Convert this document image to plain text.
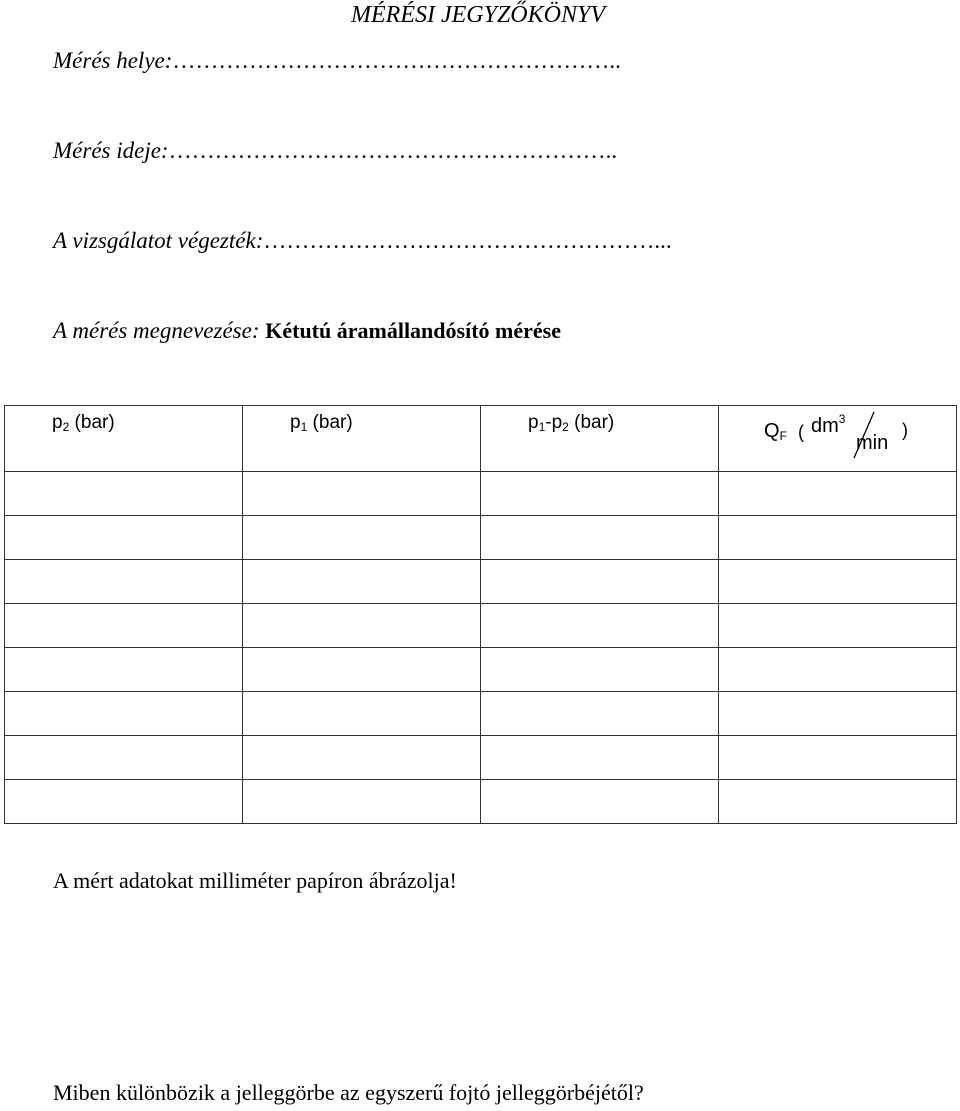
MÉRÉSI JEGYZŐKÖNYV
Mérés helye:…………………………………………………..
Mérés ideje:…………………………………………………..
A vizsgálatot végezték:……………………………………………...
A mérés megnevezése: Kétutú áramállandósító mérése
$p_2$ (bar)	$p_1$ (bar)	$p_1-p_2$ (bar)	$Q_F$ ( $dm^3$
min
)

A mért adatokat milliméter papíron ábrázolja!
Miben különbözik a jelleggörbe az egyszerű fojtó jelleggörbéjétől?
